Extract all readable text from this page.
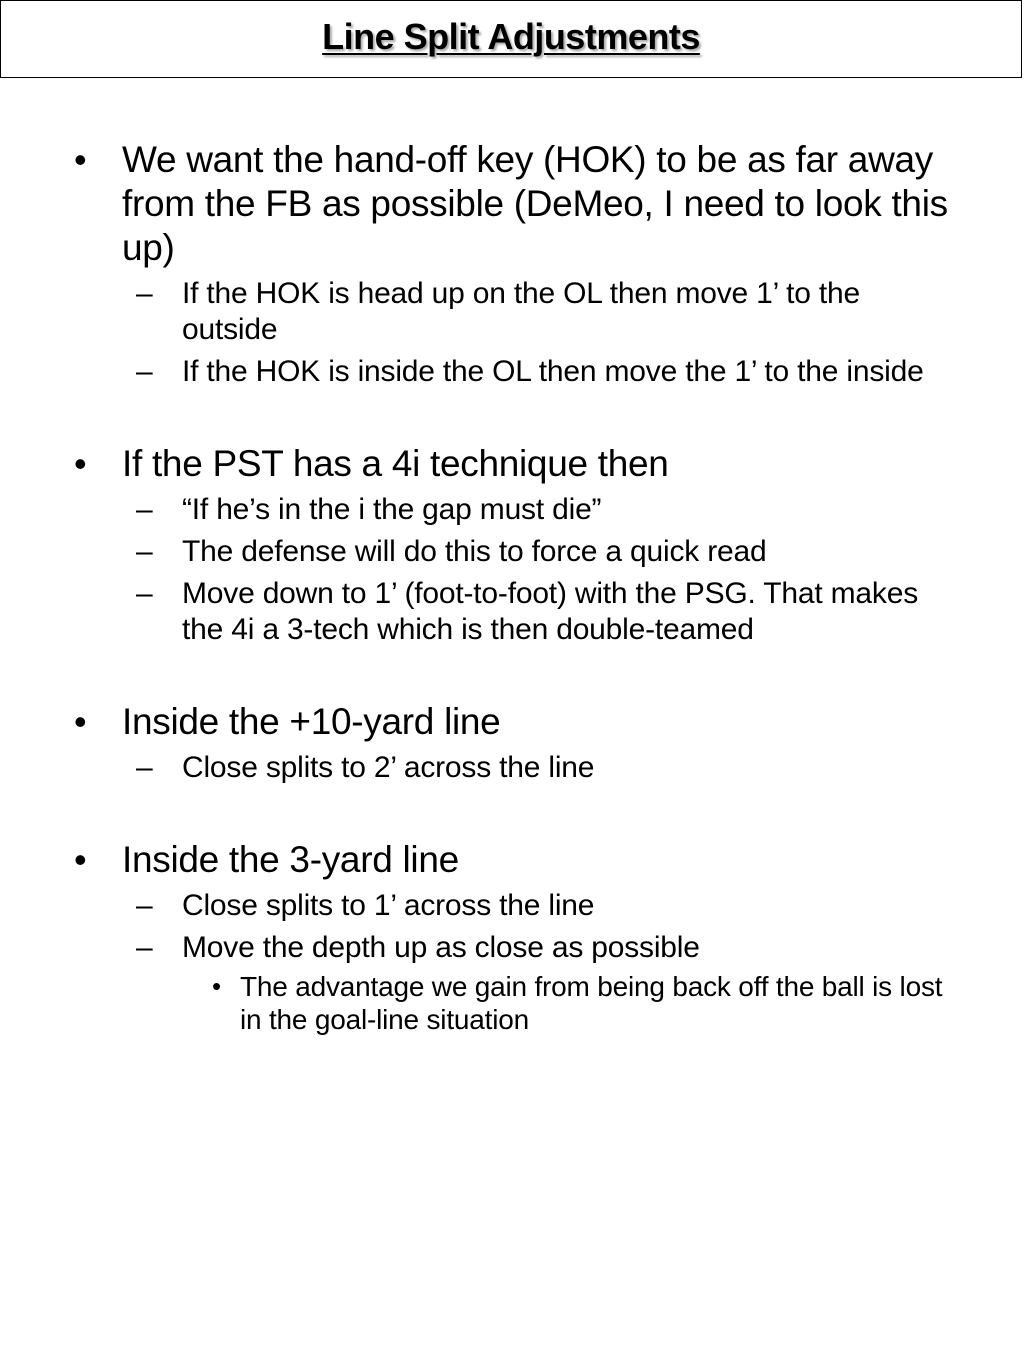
Line Split Adjustments
• We want the hand-off key (HOK) to be as far away from the FB as possible (DeMeo, I need to look this up)
– If the HOK is head up on the OL then move 1’ to the outside
– If the HOK is inside the OL then move the 1’ to the inside
• If the PST has a 4i technique then
– “If he’s in the i the gap must die”
– The defense will do this to force a quick read
– Move down to 1’ (foot-to-foot) with the PSG. That makes the 4i a 3-tech which is then double-teamed
• Inside the +10-yard line
– Close splits to 2’ across the line
• Inside the 3-yard line
– Close splits to 1’ across the line
– Move the depth up as close as possible
• The advantage we gain from being back off the ball is lost in the goal-line situation
